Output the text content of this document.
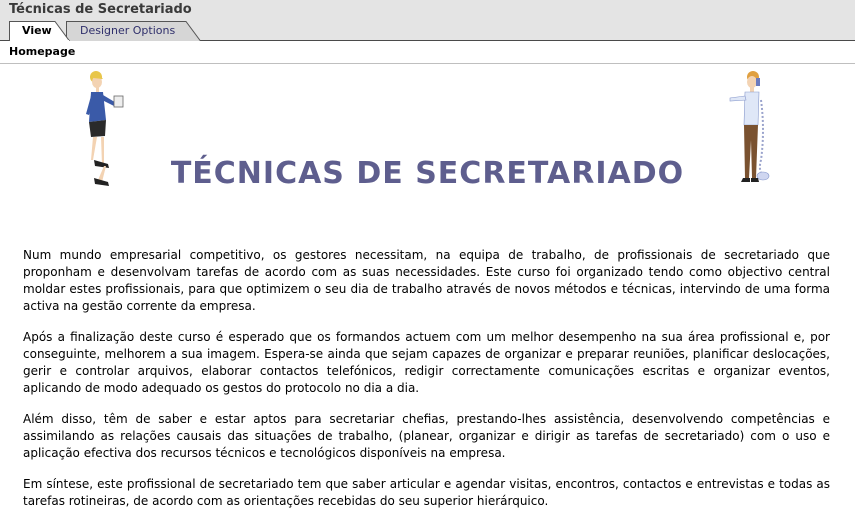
Técnicas de Secretariado
Designer Options
View
Homepage
TÉCNICAS DE SECRETARIADO

Num mundo empresarial competitivo, os gestores necessitam, na equipa de trabalho, de profissionais de secretariado que proponham e desenvolvam tarefas de acordo com as suas necessidades. Este curso foi organizado tendo como objectivo central moldar estes profissionais, para que optimizem o seu dia de trabalho através de novos métodos e técnicas, intervindo de uma forma activa na gestão corrente da empresa.

Após a finalização deste curso é esperado que os formandos actuem com um melhor desempenho na sua área profissional e, por conseguinte, melhorem a sua imagem. Espera-se ainda que sejam capazes de organizar e preparar reuniões, planificar deslocações, gerir e controlar arquivos, elaborar contactos telefónicos, redigir correctamente comunicações escritas e organizar eventos, aplicando de modo adequado os gestos do protocolo no dia a dia.

Além disso, têm de saber e estar aptos para secretariar chefias, prestando-lhes assistência, desenvolvendo competências e assimilando as relações causais das situações de trabalho, (planear, organizar e dirigir as tarefas de secretariado) com o uso e aplicação efectiva dos recursos técnicos e tecnológicos disponíveis na empresa.

Em síntese, este profissional de secretariado tem que saber articular e agendar visitas, encontros, contactos e entrevistas e todas as tarefas rotineiras, de acordo com as orientações recebidas do seu superior hierárquico.
